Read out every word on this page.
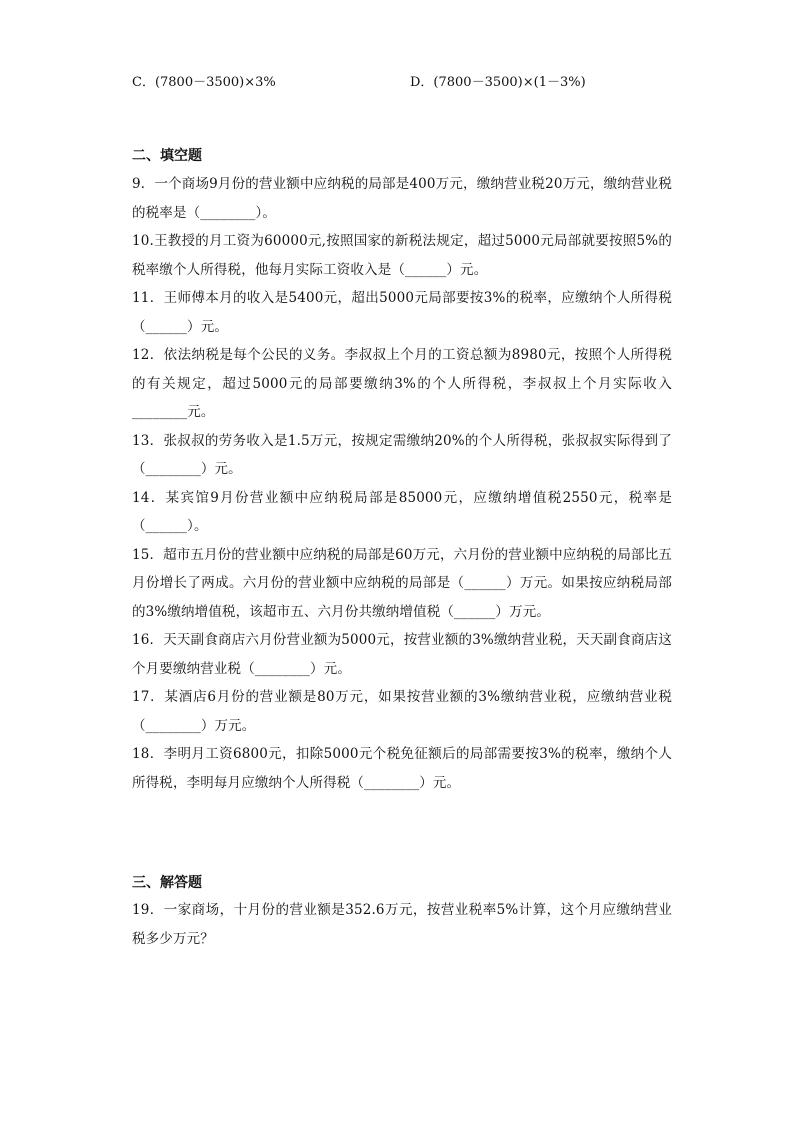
C．(7800－3500)×3%	D．(7800－3500)×(1－3%)
二、填空题

9．一个商场9月份的营业额中应纳税的局部是400万元，缴纳营业税20万元，缴纳营业税的税率是（________）。

10.王教授的月工资为60000元,按照国家的新税法规定，超过5000元局部就要按照5%的税率缴个人所得税，他每月实际工资收入是（______）元。

11．王师傅本月的收入是5400元，超出5000元局部要按3%的税率，应缴纳个人所得税（______）元。

12．依法纳税是每个公民的义务。李叔叔上个月的工资总额为8980元，按照个人所得税的有关规定，超过5000元的局部要缴纳3%的个人所得税，李叔叔上个月实际收入________元。

13．张叔叔的劳务收入是1.5万元，按规定需缴纳20%的个人所得税，张叔叔实际得到了（________）元。

14．某宾馆9月份营业额中应纳税局部是85000元，应缴纳增值税2550元，税率是（______）。

15．超市五月份的营业额中应纳税的局部是60万元，六月份的营业额中应纳税的局部比五月份增长了两成。六月份的营业额中应纳税的局部是（______）万元。如果按应纳税局部的3%缴纳增值税，该超市五、六月份共缴纳增值税（______）万元。

16．天天副食商店六月份营业额为5000元，按营业额的3%缴纳营业税，天天副食商店这个月要缴纳营业税（________）元。

17．某酒店6月份的营业额是80万元，如果按营业额的3%缴纳营业税，应缴纳营业税（________）万元。

18．李明月工资6800元，扣除5000元个税免征额后的局部需要按3%的税率，缴纳个人所得税，李明每月应缴纳个人所得税（________）元。

三、解答题

19．一家商场，十月份的营业额是352.6万元，按营业税率5%计算，这个月应缴纳营业税多少万元？
